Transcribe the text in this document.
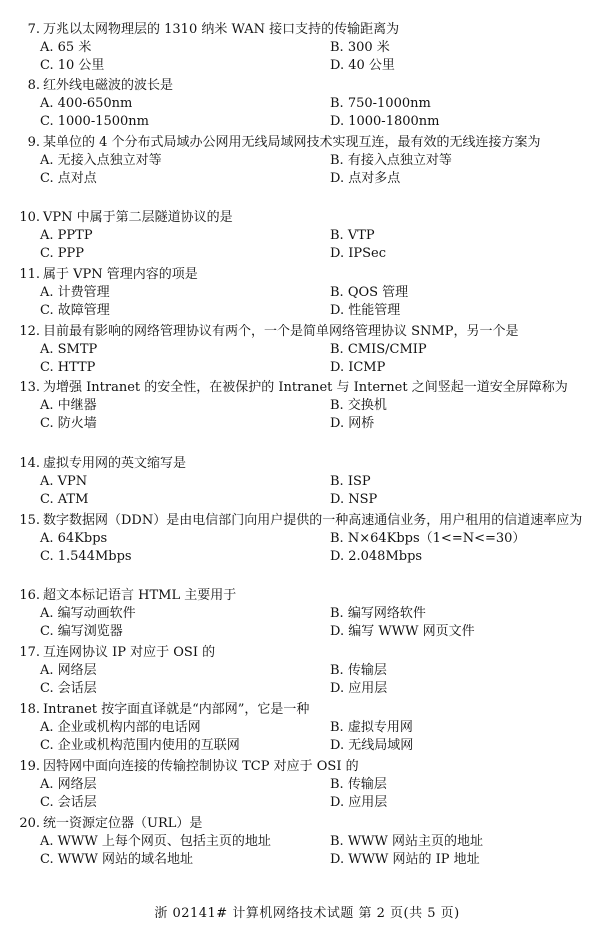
7. 万兆以太网物理层的 1310 纳米 WAN 接口支持的传输距离为
A. 65 米	B. 300 米
C. 10 公里	D. 40 公里
8. 红外线电磁波的波长是
A. 400-650nm	B. 750-1000nm
C. 1000-1500nm	D. 1000-1800nm
9. 某单位的 4 个分布式局域办公网用无线局域网技术实现互连，最有效的无线连接方案为
A. 无接入点独立对等	B. 有接入点独立对等
C. 点对点	D. 点对多点
10. VPN 中属于第二层隧道协议的是
A. PPTP	B. VTP
C. PPP	D. IPSec
11. 属于 VPN 管理内容的项是
A. 计费管理	B. QOS 管理
C. 故障管理	D. 性能管理
12. 目前最有影响的网络管理协议有两个，一个是简单网络管理协议 SNMP，另一个是
A. SMTP	B. CMIS/CMIP
C. HTTP	D. ICMP
13. 为增强 Intranet 的安全性，在被保护的 Intranet 与 Internet 之间竖起一道安全屏障称为
A. 中继器	B. 交换机
C. 防火墙	D. 网桥
14. 虚拟专用网的英文缩写是
A. VPN	B. ISP
C. ATM	D. NSP
15. 数字数据网（DDN）是由电信部门向用户提供的一种高速通信业务，用户租用的信道速率应为
A. 64Kbps	B. N×64Kbps（1<=N<=30）
C. 1.544Mbps	D. 2.048Mbps
16. 超文本标记语言 HTML 主要用于
A. 编写动画软件	B. 编写网络软件
C. 编写浏览器	D. 编写 WWW 网页文件
17. 互连网协议 IP 对应于 OSI 的
A. 网络层	B. 传输层
C. 会话层	D. 应用层
18. Intranet 按字面直译就是“内部网”，它是一种
A. 企业或机构内部的电话网	B. 虚拟专用网
C. 企业或机构范围内使用的互联网	D. 无线局域网
19. 因特网中面向连接的传输控制协议 TCP 对应于 OSI 的
A. 网络层	B. 传输层
C. 会话层	D. 应用层
20. 统一资源定位器（URL）是
A. WWW 上每个网页、包括主页的地址	B. WWW 网站主页的地址
C. WWW 网站的域名地址	D. WWW 网站的 IP 地址
浙 02141# 计算机网络技术试题 第 2 页(共 5 页)
